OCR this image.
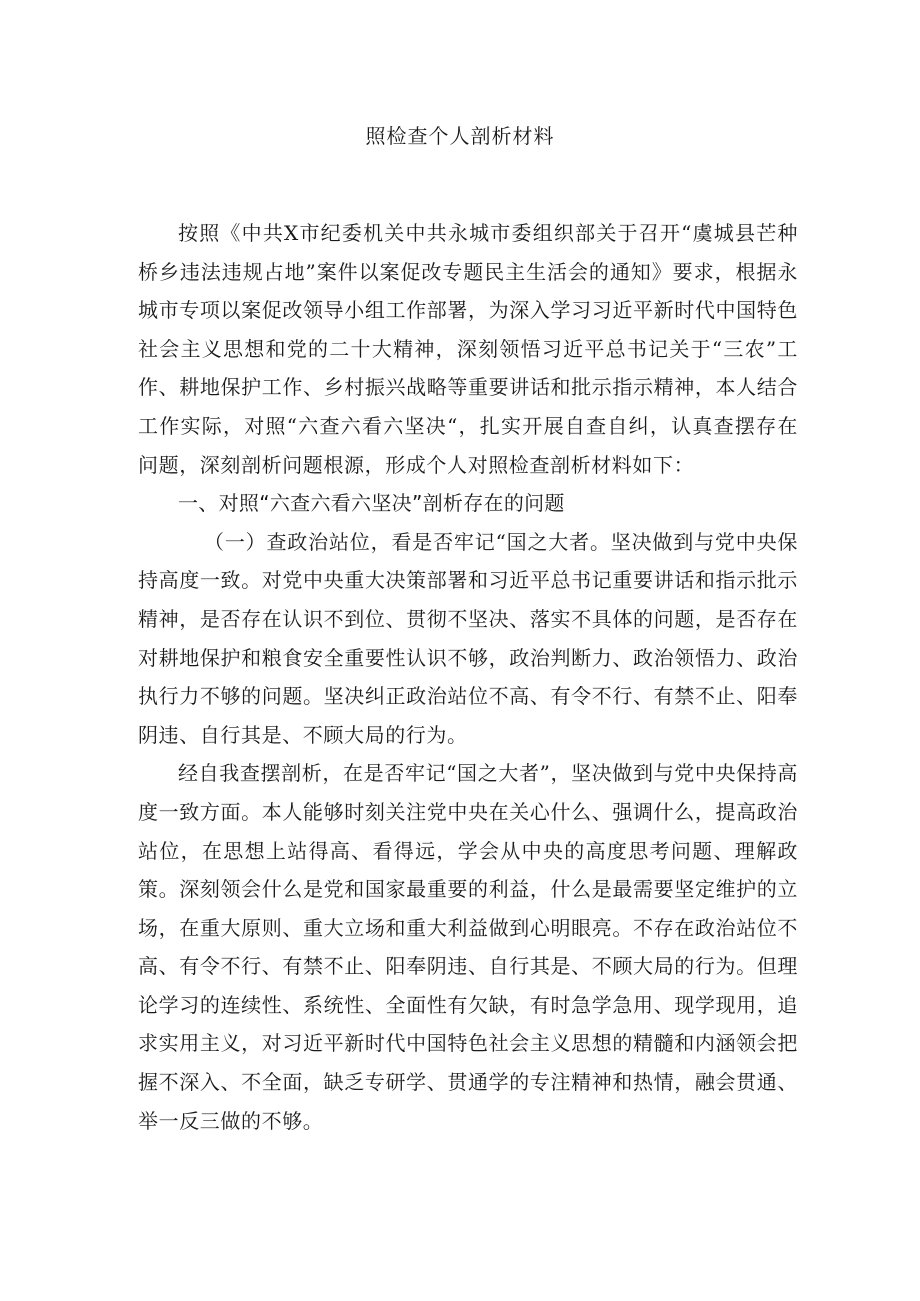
照检查个人剖析材料

按照《中共X市纪委机关中共永城市委组织部关于召开“虞城县芒种桥乡违法违规占地”案件以案促改专题民主生活会的通知》要求，根据永城市专项以案促改领导小组工作部署，为深入学习习近平新时代中国特色社会主义思想和党的二十大精神，深刻领悟习近平总书记关于“三农”工作、耕地保护工作、乡村振兴战略等重要讲话和批示指示精神，本人结合工作实际，对照“六查六看六坚决“，扎实开展自查自纠，认真查摆存在问题，深刻剖析问题根源，形成个人对照检查剖析材料如下：

一、对照“六查六看六坚决”剖析存在的问题

（一）查政治站位，看是否牢记“国之大者。坚决做到与党中央保持高度一致。对党中央重大决策部署和习近平总书记重要讲话和指示批示精神，是否存在认识不到位、贯彻不坚决、落实不具体的问题，是否存在对耕地保护和粮食安全重要性认识不够，政治判断力、政治领悟力、政治执行力不够的问题。坚决纠正政治站位不高、有令不行、有禁不止、阳奉阴违、自行其是、不顾大局的行为。

经自我查摆剖析，在是否牢记“国之大者”，坚决做到与党中央保持高度一致方面。本人能够时刻关注党中央在关心什么、强调什么，提高政治站位，在思想上站得高、看得远，学会从中央的高度思考问题、理解政策。深刻领会什么是党和国家最重要的利益，什么是最需要坚定维护的立场，在重大原则、重大立场和重大利益做到心明眼亮。不存在政治站位不高、有令不行、有禁不止、阳奉阴违、自行其是、不顾大局的行为。但理论学习的连续性、系统性、全面性有欠缺，有时急学急用、现学现用，追求实用主义，对习近平新时代中国特色社会主义思想的精髓和内涵领会把握不深入、不全面，缺乏专研学、贯通学的专注精神和热情，融会贯通、举一反三做的不够。
